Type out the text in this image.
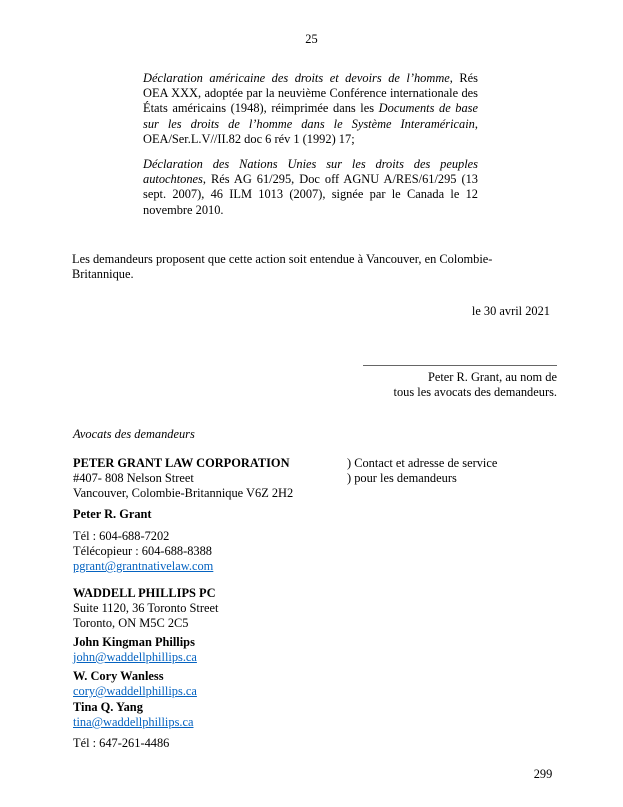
25

Déclaration américaine des droits et devoirs de l’homme, Rés OEA XXX, adoptée par la neuvième Conférence internationale des États américains (1948), réimprimée dans les Documents de base sur les droits de l’homme dans le Système Interaméricain, OEA/Ser.L.V//II.82 doc 6 rév 1 (1992) 17;

Déclaration des Nations Unies sur les droits des peuples autochtones, Rés AG 61/295, Doc off AGNU A/RES/61/295 (13 sept. 2007), 46 ILM 1013 (2007), signée par le Canada le 12 novembre 2010.

Les demandeurs proposent que cette action soit entendue à Vancouver, en Colombie-Britannique.

le 30 avril 2021
Peter R. Grant, au nom de
tous les avocats des demandeurs.
Avocats des demandeurs
PETER GRANT LAW CORPORATION
#407- 808 Nelson Street
Vancouver, Colombie-Britannique V6Z 2H2
Peter R. Grant
Tél : 604-688-7202
Télécopieur : 604-688-8388
pgrant@grantnativelaw.com
WADDELL PHILLIPS PC
Suite 1120, 36 Toronto Street
Toronto, ON M5C 2C5
John Kingman Phillips
john@waddellphillips.ca
W. Cory Wanless
cory@waddellphillips.ca
Tina Q. Yang
tina@waddellphillips.ca
Tél : 647-261-4486
) Contact et adresse de service
) pour les demandeurs
299
